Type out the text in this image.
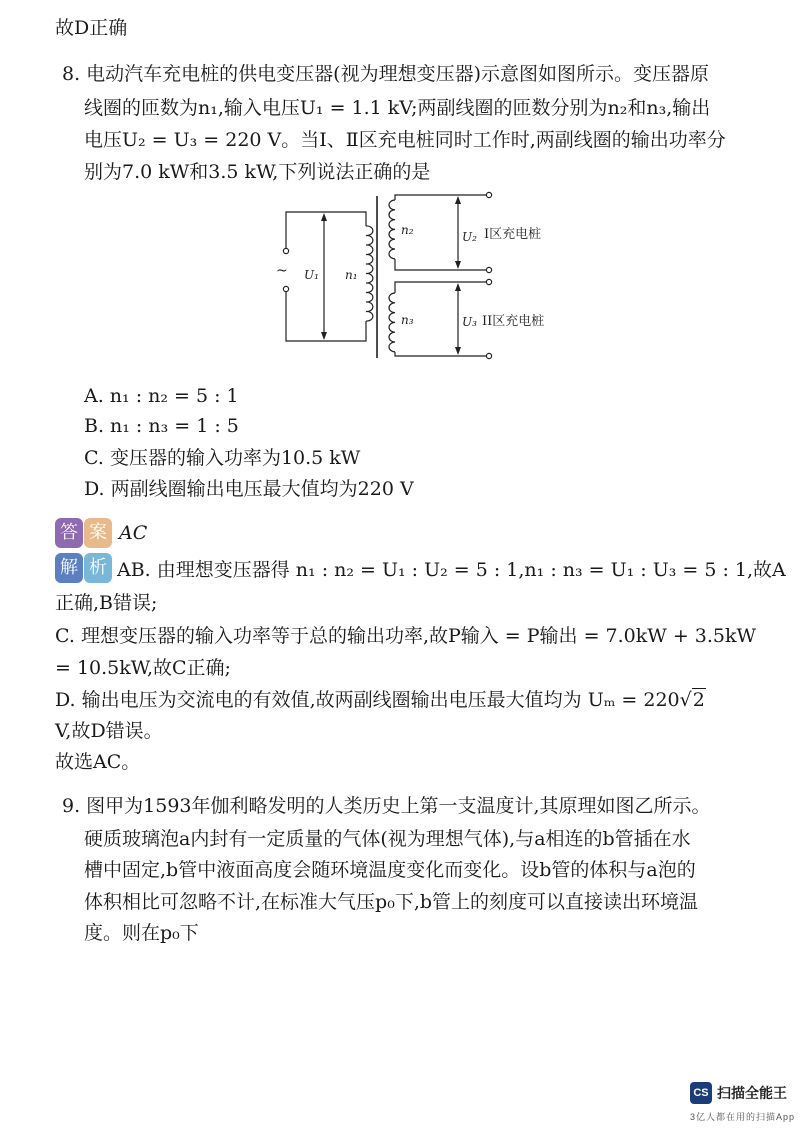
故D正确
8. 电动汽车充电桩的供电变压器(视为理想变压器)示意图如图所示。变压器原
线圈的匝数为n₁,输入电压U₁ = 1.1 kV;两副线圈的匝数分别为n₂和n₃,输出
电压U₂ = U₃ = 220 V。当Ⅰ、Ⅱ区充电桩同时工作时,两副线圈的输出功率分
别为7.0 kW和3.5 kW,下列说法正确的是
~ U₁ n₁
n₂
n₃
U₂
U₃
I区充电桩
II区充电桩
A. n₁ : n₂ = 5 : 1
B. n₁ : n₃ = 1 : 5
C. 变压器的输入功率为10.5 kW
D. 两副线圈输出电压最大值均为220 V
答 案 AC
解 析 AB. 由理想变压器得 n₁ : n₂ = U₁ : U₂ = 5 : 1,n₁ : n₃ = U₁ : U₃ = 5 : 1,故A
正确,B错误;
C. 理想变压器的输入功率等于总的输出功率,故P输入 = P输出 = 7.0kW + 3.5kW
= 10.5kW,故C正确;
D. 输出电压为交流电的有效值,故两副线圈输出电压最大值均为 Uₘ = 220√2
V,故D错误。
故选AC。
9. 图甲为1593年伽利略发明的人类历史上第一支温度计,其原理如图乙所示。
硬质玻璃泡a内封有一定质量的气体(视为理想气体),与a相连的b管插在水
槽中固定,b管中液面高度会随环境温度变化而变化。设b管的体积与a泡的
体积相比可忽略不计,在标准大气压p₀下,b管上的刻度可以直接读出环境温
度。则在p₀下
CS 扫描全能王
3亿人都在用的扫描App
